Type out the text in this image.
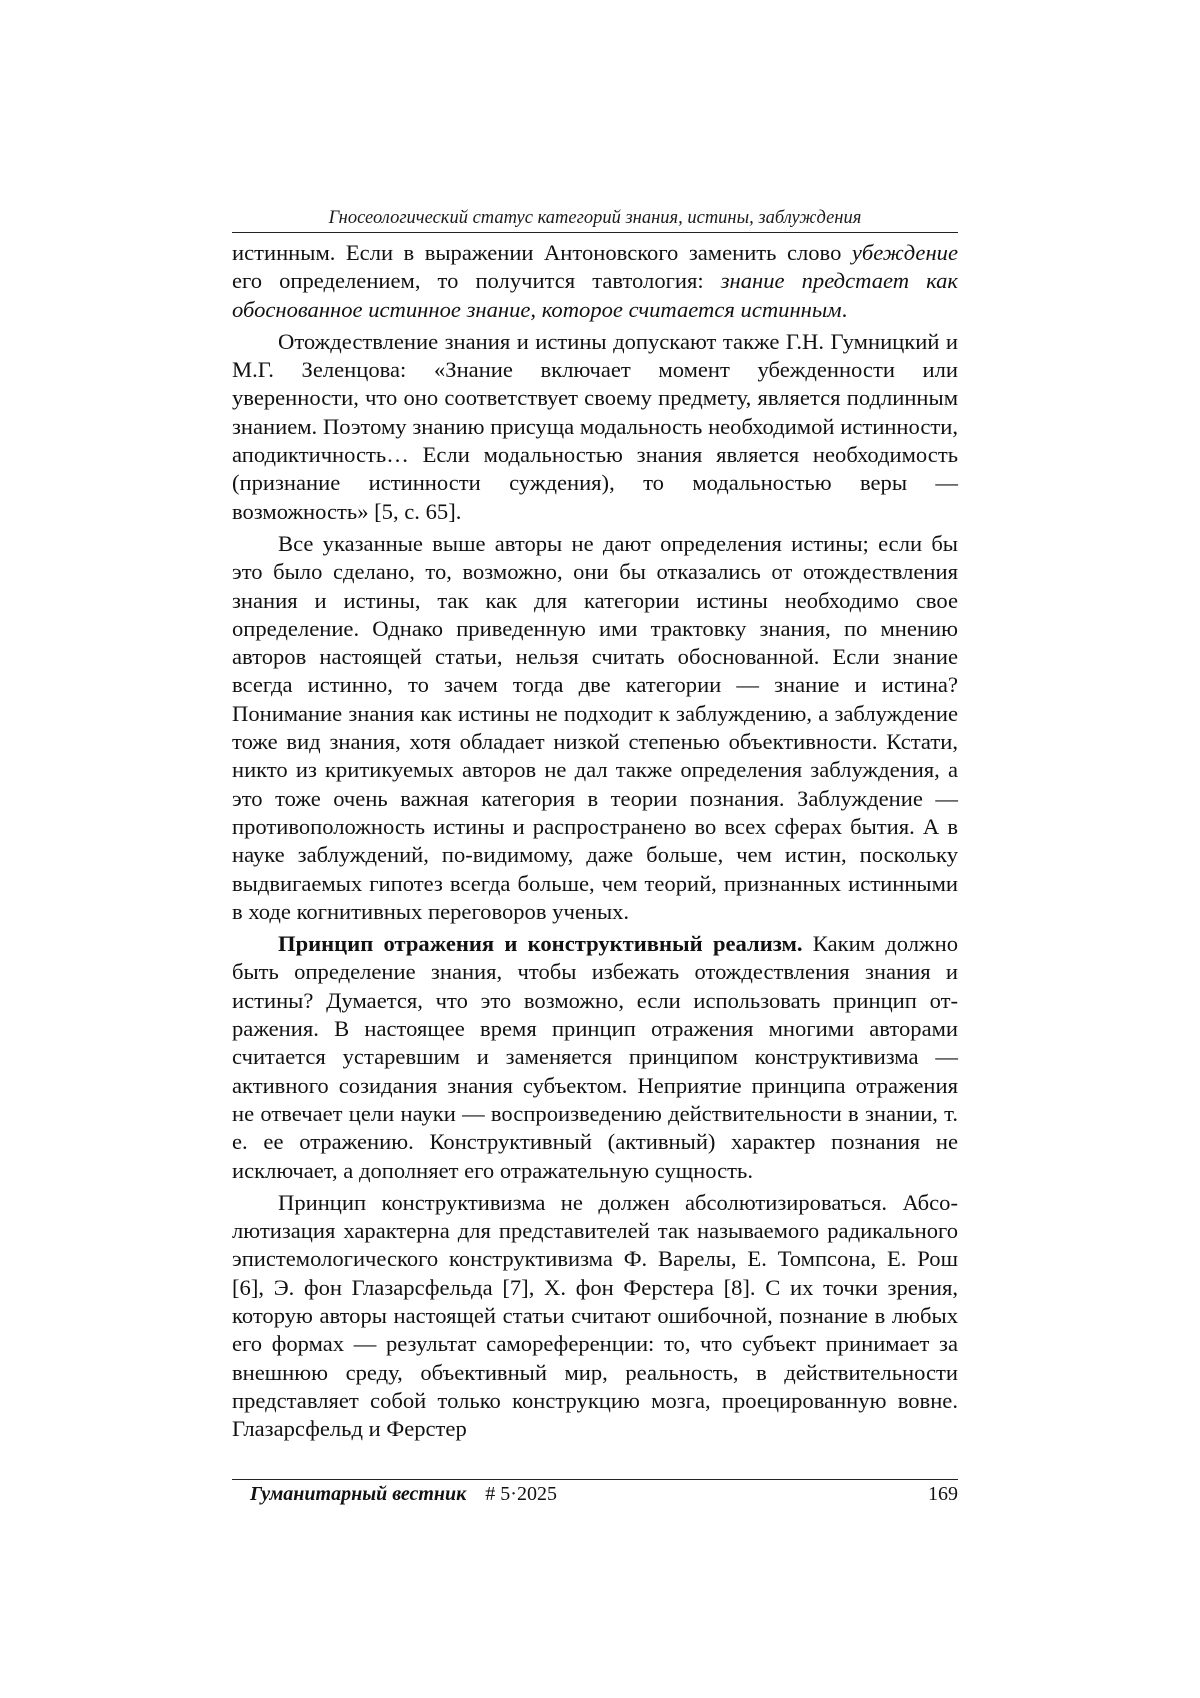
Гносеологический статус категорий знания, истины, заблуждения

истинным. Если в выражении Антоновского заменить слово убеждение его определением, то получится тавтология: знание предстает как обоснованное истинное знание, которое считается истинным.

Отождествление знания и истины допускают также Г.Н. Гумницкий и М.Г. Зеленцова: «Знание включает момент убежденности или уверенности, что оно соответствует своему предмету, является подлинным знанием. Поэтому знанию присуща модальность необходимой истинности, аподиктичность… Если модальностью знания является необходимость (признание истинности суждения), то модальностью веры — возможность» [5, с. 65].

Все указанные выше авторы не дают определения истины; если бы это было сделано, то, возможно, они бы отказались от отождествления знания и истины, так как для категории истины необходимо свое определение. Однако приведенную ими трактовку знания, по мнению авторов настоящей статьи, нельзя считать обоснованной. Если знание всегда истинно, то зачем тогда две категории — знание и истина? Понимание знания как истины не подходит к заблуждению, а заблуждение тоже вид знания, хотя обладает низкой степенью объективности. Кстати, никто из критикуемых авторов не дал также определения заблуждения, а это тоже очень важная категория в теории познания. Заблуждение — противоположность истины и распространено во всех сферах бытия. А в науке заблуждений, по-видимому, даже больше, чем истин, поскольку выдвигаемых гипотез всегда больше, чем теорий, признанных истинными в ходе когнитивных переговоров ученых.

Принцип отражения и конструктивный реализм. Каким должно быть определение знания, чтобы избежать отождествления знания и истины? Думается, что это возможно, если использовать принцип отражения. В настоящее время принцип отражения многими авторами считается устаревшим и заменяется принципом конструктивизма — активного созидания знания субъектом. Неприятие принципа отражения не отвечает цели науки — воспроизведению действительности в знании, т. е. ее отражению. Конструктивный (активный) характер познания не исключает, а дополняет его отражательную сущность.

Принцип конструктивизма не должен абсолютизироваться. Абсолютизация характерна для представителей так называемого радикального эпистемологического конструктивизма Ф. Варелы, Е. Томпсона, Е. Рош [6], Э. фон Глазарсфельда [7], Х. фон Ферстера [8]. С их точки зрения, которую авторы настоящей статьи считают ошибочной, познание в любых его формах — результат самореференции: то, что субъект принимает за внешнюю среду, объективный мир, реальность, в действительности представляет собой только конструкцию мозга, проецированную вовне. Глазарсфельд и Ферстер

Гуманитарный вестник # 5·2025	169
